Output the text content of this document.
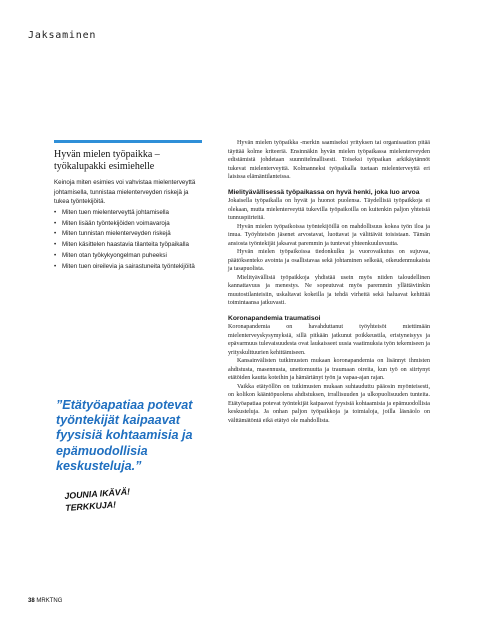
Jaksaminen
Hyvän mielen työpaikka – työkalupakki esimiehelle

Keinoja miten esimies voi vahvistaa mielenterveyttä johtamisella, tunnistaa mielenterveyden riskejä ja tukea työntekijöitä.

• Miten tuen mielenterveyttä johtamisella
• Miten lisään työntekijöiden voimavaroja
• Miten tunnistan mielenterveyden riskejä
• Miten käsittelen haastavia tilanteita työpaikalla
• Miten otan työkykyongelman puheeksi
• Miten tuen oireilevia ja sairastuneita työntekijöitä

”Etätyöapatiaa potevat työntekijät kaipaavat fyysisiä kohtaamisia ja epämuodollisia keskusteluja.”

JOUNIA IKÄVÄ!
TERKKUJA!

Hyvän mielen työpaikka -merkin saamiseksi yrityksen tai organisaation pitää täyttää kolme kriteeriä. Ensinnäkin hyvän mielen työpaikassa mielenterveyden edistämistä johdetaan suunnitelmallisesti. Toiseksi työpaikan arkikäytännöt tukevat mielenterveyttä. Kolmanneksi työpaikalla tuetaan mielenterveyttä eri laisissa elämäntilanteissa.

Mielityävällisessä työpaikassa on hyvä henki, joka luo arvoa

Jokaisella työpaikalla on hyvät ja huonot puolensa. Täydellisiä työpaikkoja ei olekaan, mutta mielenterveyttä tukevilla työpaikoilla on kuitenkin paljon yhteisiä tunnuspiirteitä.

Hyvän mielen työpaikoissa työntekijöillä on mahdollisuus kokea työn iloa ja imua. Työyhteisön jäsenet arvostavat, luottavat ja välittävät toisistaan. Tämän ansiosta työntekijät jaksavat paremmin ja tuntevat yhteenkuuluvuutta.

Hyvän mielen työpaikoissa tiedonkulku ja vuorovaikutus on sujuvaa, päätöksenteko avointa ja osallistavaa sekä johtaminen selkeää, oikeudenmukaista ja tasapuolista.

Mielityävällisiä työpaikkoja yhdistää usein myös niiden taloudellinen kannattavuus ja menestys. Ne sopeutuvat myös paremmin yllättäviinkin muutostilanteisiin, uskaltavat kokeilla ja tehdä virheitä sekä haluavat kehittää toimintaansa jatkuvasti.

Koronapandemia traumatisoi

Koronapandemia on havahduttanut työyhteisöt miettimään mielenterveyskysymyksiä, sillä pitkään jatkunut poikkeustila, eristyneisyys ja epävarmuus tulevaisuudesta ovat laukaisseet uusia vaatimuksia työn tekemiseen ja yrityskulttuurien kehittämiseen.

Kansainvälisten tutkimusten mukaan koronapandemia on lisännyt ihmisten ahdistusta, masennusta, unettomuutta ja traumaan oireita, kun työ on siirtynyt etätöiden kautta koteihin ja hämärtänyt työn ja vapaa-ajan rajan.

Vaikka etätyöllön on tutkimusten mukaan suhtauduttu pääosin myönteisesti, on kolikon kääntöpuolena ahdistuksen, irrallisuuden ja ulkopuolisuuden tunteita. Etätyöapatiaa potevat työntekijät kaipaavat fyysisiä kohtaamisia ja epämuodollisia keskusteluja. Ja onhan paljon työpaikkoja ja toimialoja, joilla läsnäolo on välttämätöntä eikä etätyö ole mahdollista.

38 MRKTNG
